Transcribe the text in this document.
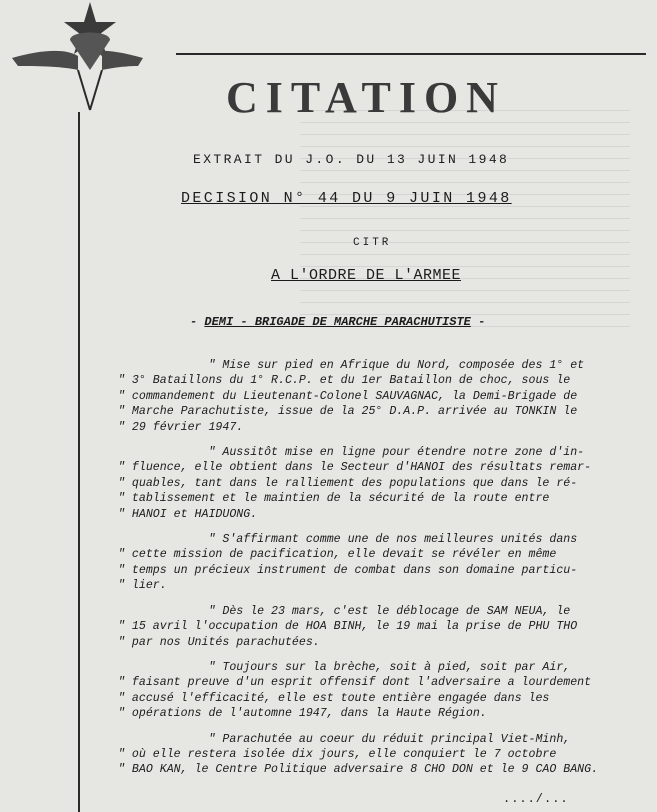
CITATION
EXTRAIT DU J.O. DU 13 JUIN 1948
DECISION N° 44 DU 9 JUIN 1948
CITR
A L'ORDRE DE L'ARMEE
- DEMI - BRIGADE DE MARCHE PARACHUTISTE -
" Mise sur pied en Afrique du Nord, composée des 1° et
" 3° Bataillons du 1° R.C.P. et du 1er Bataillon de choc, sous le
" commandement du Lieutenant-Colonel SAUVAGNAC, la Demi-Brigade de
" Marche Parachutiste, issue de la 25° D.A.P. arrivée au TONKIN le
" 29 février 1947.
" Aussitôt mise en ligne pour étendre notre zone d'in-
" fluence, elle obtient dans le Secteur d'HANOI des résultats remar-
" quables, tant dans le ralliement des populations que dans le ré-
" tablissement et le maintien de la sécurité de la route entre
" HANOI et HAIDUONG.
" S'affirmant comme une de nos meilleures unités dans
" cette mission de pacification, elle devait se révéler en même
" temps un précieux instrument de combat dans son domaine particu-
" lier.
" Dès le 23 mars, c'est le déblocage de SAM NEUA, le
" 15 avril l'occupation de HOA BINH, le 19 mai la prise de PHU THO
" par nos Unités parachutées.
" Toujours sur la brèche, soit à pied, soit par Air,
" faisant preuve d'un esprit offensif dont l'adversaire a lourdement
" accusé l'efficacité, elle est toute entière engagée dans les
" opérations de l'automne 1947, dans la Haute Région.
" Parachutée au coeur du réduit principal Viet-Minh,
" où elle restera isolée dix jours, elle conquiert le 7 octobre
" BAO KAN, le Centre Politique adversaire 8 CHO DON et le 9 CAO BANG.
..../...
